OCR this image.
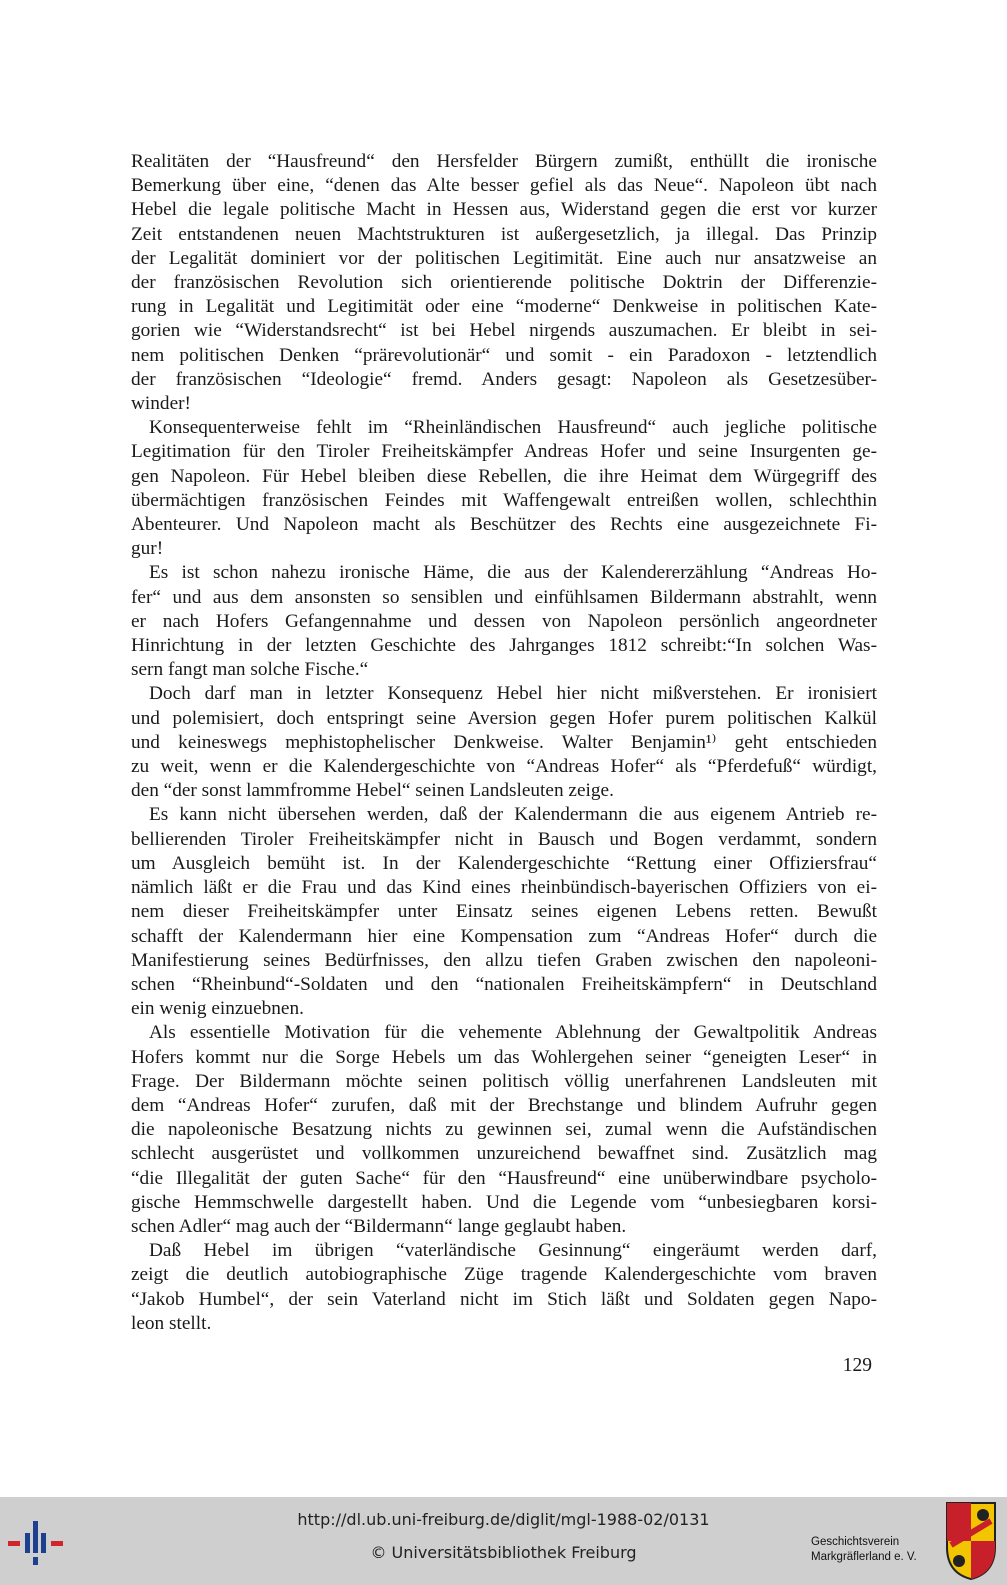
Realitäten der “Hausfreund“ den Hersfelder Bürgern zumißt, enthüllt die ironische
Bemerkung über eine, “denen das Alte besser gefiel als das Neue“. Napoleon übt nach
Hebel die legale politische Macht in Hessen aus, Widerstand gegen die erst vor kurzer
Zeit entstandenen neuen Machtstrukturen ist außergesetzlich, ja illegal. Das Prinzip
der Legalität dominiert vor der politischen Legitimität. Eine auch nur ansatzweise an
der französischen Revolution sich orientierende politische Doktrin der Differenzie-
rung in Legalität und Legitimität oder eine “moderne“ Denkweise in politischen Kate-
gorien wie “Widerstandsrecht“ ist bei Hebel nirgends auszumachen. Er bleibt in sei-
nem politischen Denken “prärevolutionär“ und somit - ein Paradoxon - letztendlich
der französischen “Ideologie“ fremd. Anders gesagt: Napoleon als Gesetzesüber-
winder!
Konsequenterweise fehlt im “Rheinländischen Hausfreund“ auch jegliche politische
Legitimation für den Tiroler Freiheitskämpfer Andreas Hofer und seine Insurgenten ge-
gen Napoleon. Für Hebel bleiben diese Rebellen, die ihre Heimat dem Würgegriff des
übermächtigen französischen Feindes mit Waffengewalt entreißen wollen, schlechthin
Abenteurer. Und Napoleon macht als Beschützer des Rechts eine ausgezeichnete Fi-
gur!
Es ist schon nahezu ironische Häme, die aus der Kalendererzählung “Andreas Ho-
fer“ und aus dem ansonsten so sensiblen und einfühlsamen Bildermann abstrahlt, wenn
er nach Hofers Gefangennahme und dessen von Napoleon persönlich angeordneter
Hinrichtung in der letzten Geschichte des Jahrganges 1812 schreibt:“In solchen Was-
sern fangt man solche Fische.“
Doch darf man in letzter Konsequenz Hebel hier nicht mißverstehen. Er ironisiert
und polemisiert, doch entspringt seine Aversion gegen Hofer purem politischen Kalkül
und keineswegs mephistophelischer Denkweise. Walter Benjamin¹⁾ geht entschieden
zu weit, wenn er die Kalendergeschichte von “Andreas Hofer“ als “Pferdefuß“ würdigt,
den “der sonst lammfromme Hebel“ seinen Landsleuten zeige.
Es kann nicht übersehen werden, daß der Kalendermann die aus eigenem Antrieb re-
bellierenden Tiroler Freiheitskämpfer nicht in Bausch und Bogen verdammt, sondern
um Ausgleich bemüht ist. In der Kalendergeschichte “Rettung einer Offiziersfrau“
nämlich läßt er die Frau und das Kind eines rheinbündisch-bayerischen Offiziers von ei-
nem dieser Freiheitskämpfer unter Einsatz seines eigenen Lebens retten. Bewußt
schafft der Kalendermann hier eine Kompensation zum “Andreas Hofer“ durch die
Manifestierung seines Bedürfnisses, den allzu tiefen Graben zwischen den napoleoni-
schen “Rheinbund“-Soldaten und den “nationalen Freiheitskämpfern“ in Deutschland
ein wenig einzuebnen.
Als essentielle Motivation für die vehemente Ablehnung der Gewaltpolitik Andreas
Hofers kommt nur die Sorge Hebels um das Wohlergehen seiner “geneigten Leser“ in
Frage. Der Bildermann möchte seinen politisch völlig unerfahrenen Landsleuten mit
dem “Andreas Hofer“ zurufen, daß mit der Brechstange und blindem Aufruhr gegen
die napoleonische Besatzung nichts zu gewinnen sei, zumal wenn die Aufständischen
schlecht ausgerüstet und vollkommen unzureichend bewaffnet sind. Zusätzlich mag
“die Illegalität der guten Sache“ für den “Hausfreund“ eine unüberwindbare psycholo-
gische Hemmschwelle dargestellt haben. Und die Legende vom “unbesiegbaren korsi-
schen Adler“ mag auch der “Bildermann“ lange geglaubt haben.
Daß Hebel im übrigen “vaterländische Gesinnung“ eingeräumt werden darf,
zeigt die deutlich autobiographische Züge tragende Kalendergeschichte vom braven
“Jakob Humbel“, der sein Vaterland nicht im Stich läßt und Soldaten gegen Napo-
leon stellt.
129
http://dl.ub.uni-freiburg.de/diglit/mgl-1988-02/0131
© Universitätsbibliothek Freiburg
Geschichtsverein
Markgräflerland e. V.
